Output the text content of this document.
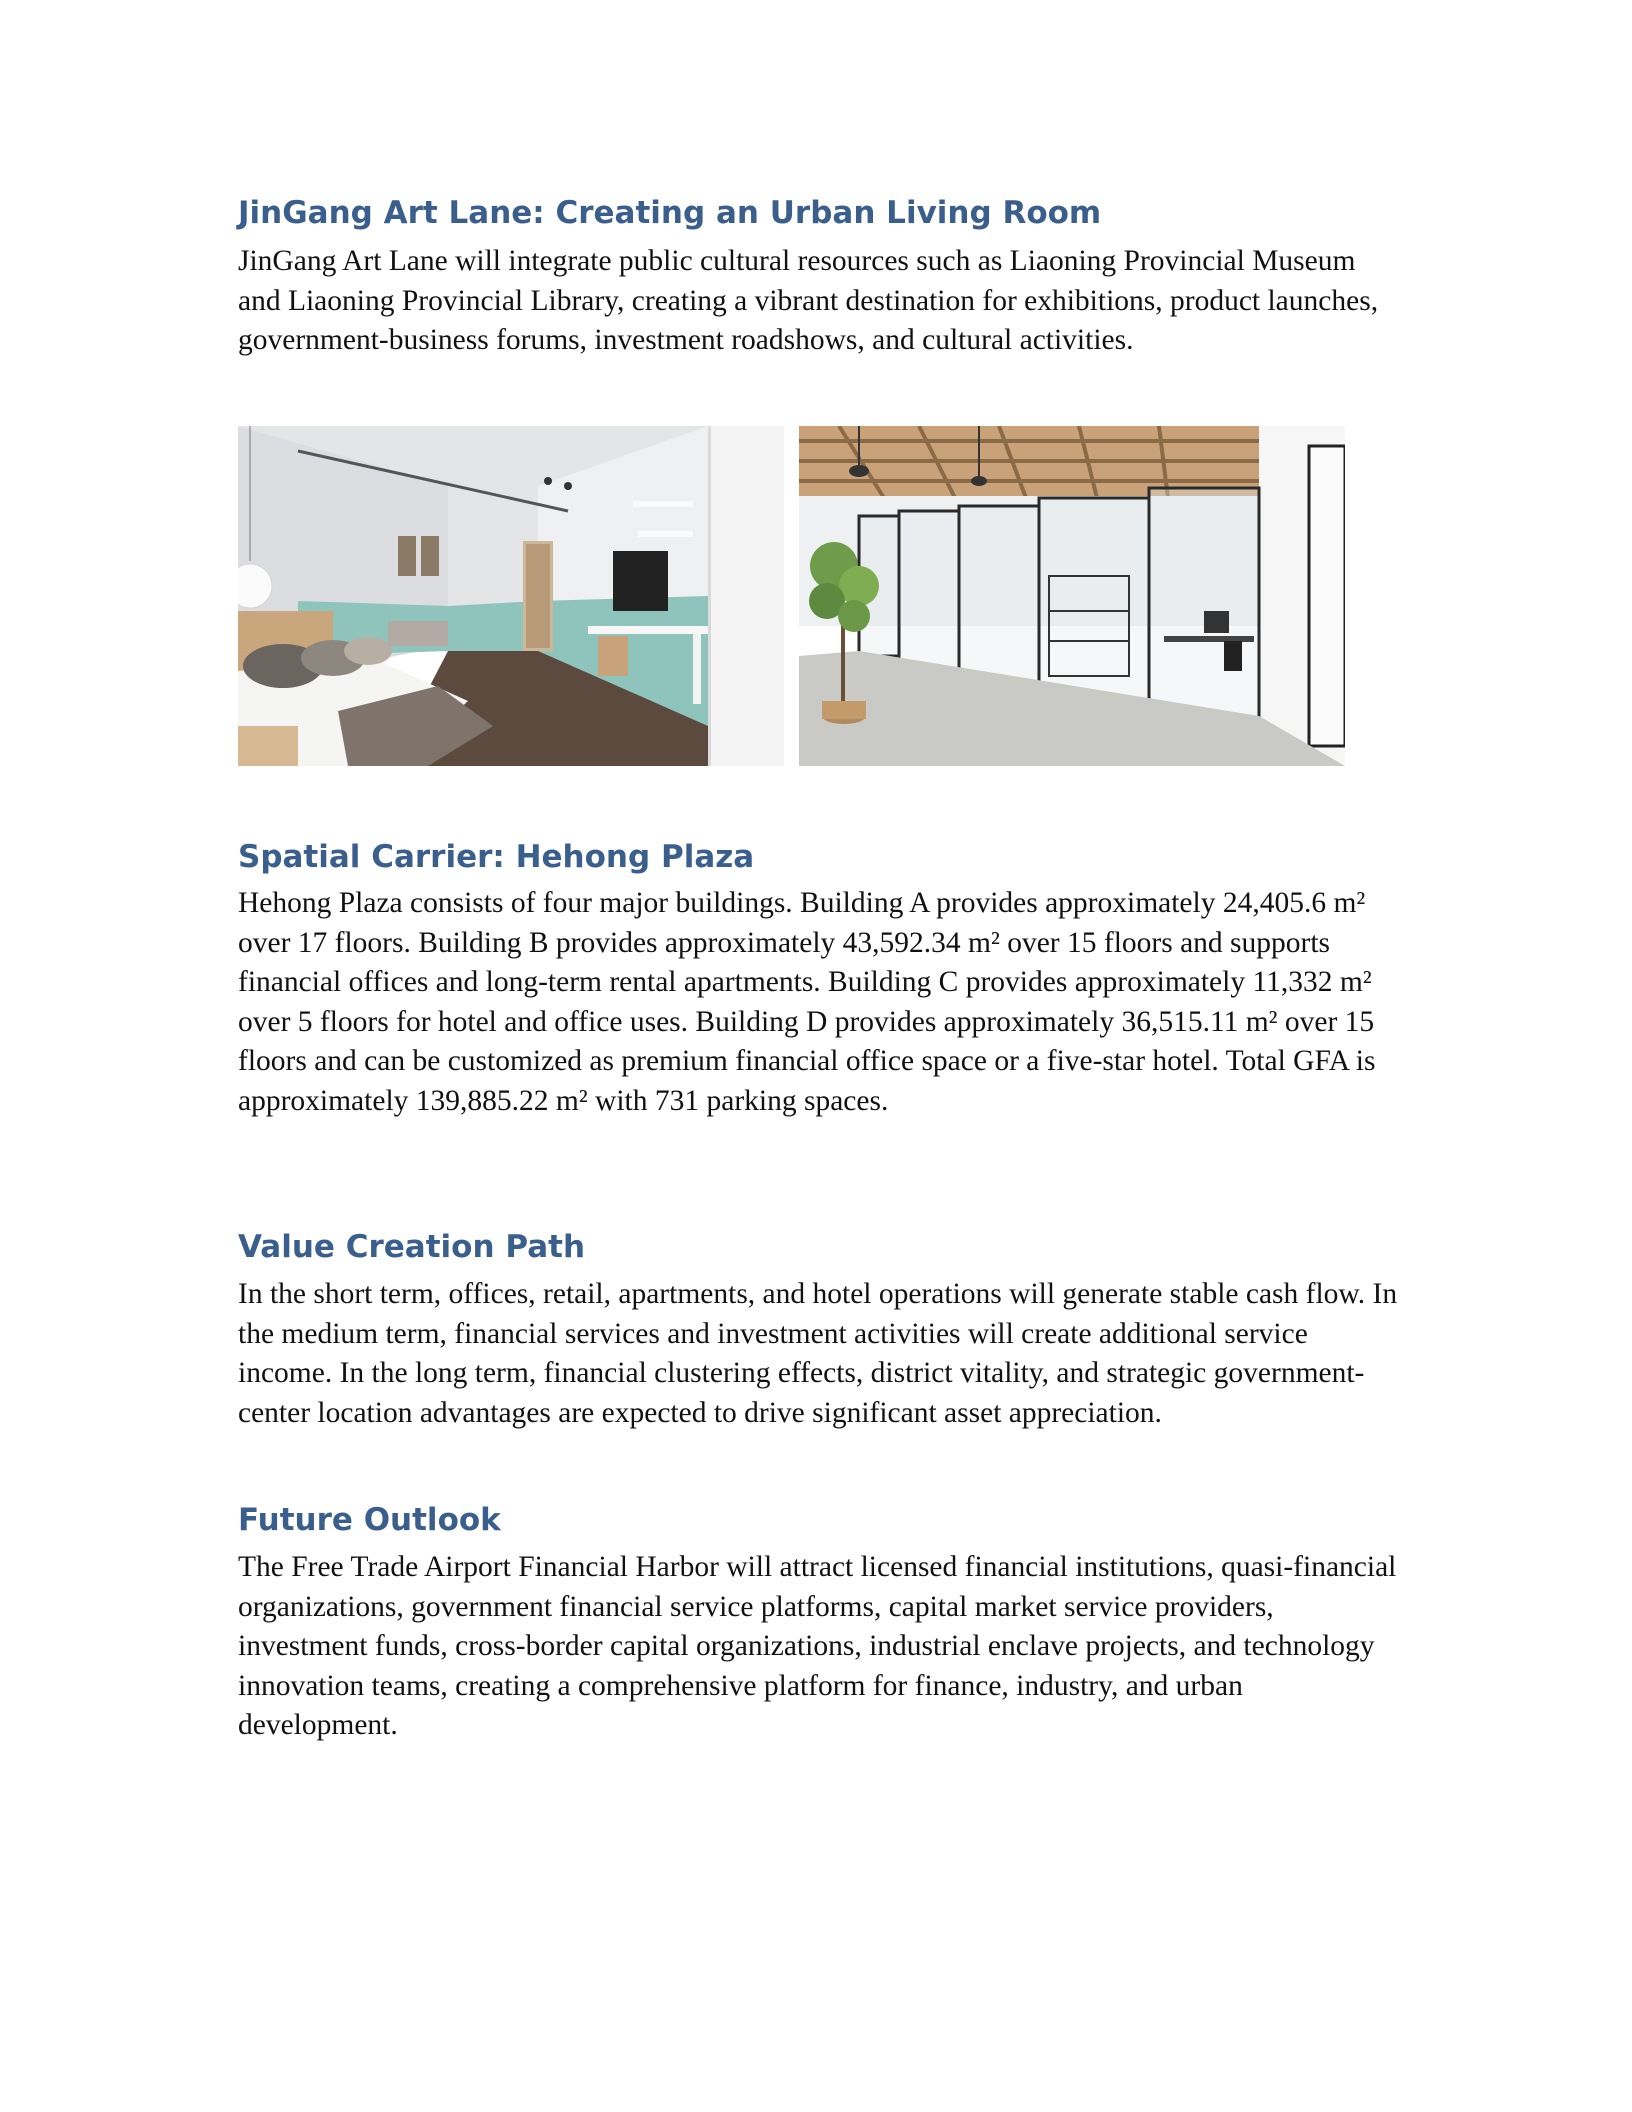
JinGang Art Lane: Creating an Urban Living Room

JinGang Art Lane will integrate public cultural resources such as Liaoning Provincial Museum and Liaoning Provincial Library, creating a vibrant destination for exhibitions, product launches, government-business forums, investment roadshows, and cultural activities.

Spatial Carrier: Hehong Plaza

Hehong Plaza consists of four major buildings. Building A provides approximately 24,405.6 m² over 17 floors. Building B provides approximately 43,592.34 m² over 15 floors and supports financial offices and long-term rental apartments. Building C provides approximately 11,332 m² over 5 floors for hotel and office uses. Building D provides approximately 36,515.11 m² over 15 floors and can be customized as premium financial office space or a five-star hotel. Total GFA is approximately 139,885.22 m² with 731 parking spaces.

Value Creation Path

In the short term, offices, retail, apartments, and hotel operations will generate stable cash flow. In the medium term, financial services and investment activities will create additional service income. In the long term, financial clustering effects, district vitality, and strategic government-center location advantages are expected to drive significant asset appreciation.

Future Outlook

The Free Trade Airport Financial Harbor will attract licensed financial institutions, quasi-financial organizations, government financial service platforms, capital market service providers, investment funds, cross-border capital organizations, industrial enclave projects, and technology innovation teams, creating a comprehensive platform for finance, industry, and urban development.
